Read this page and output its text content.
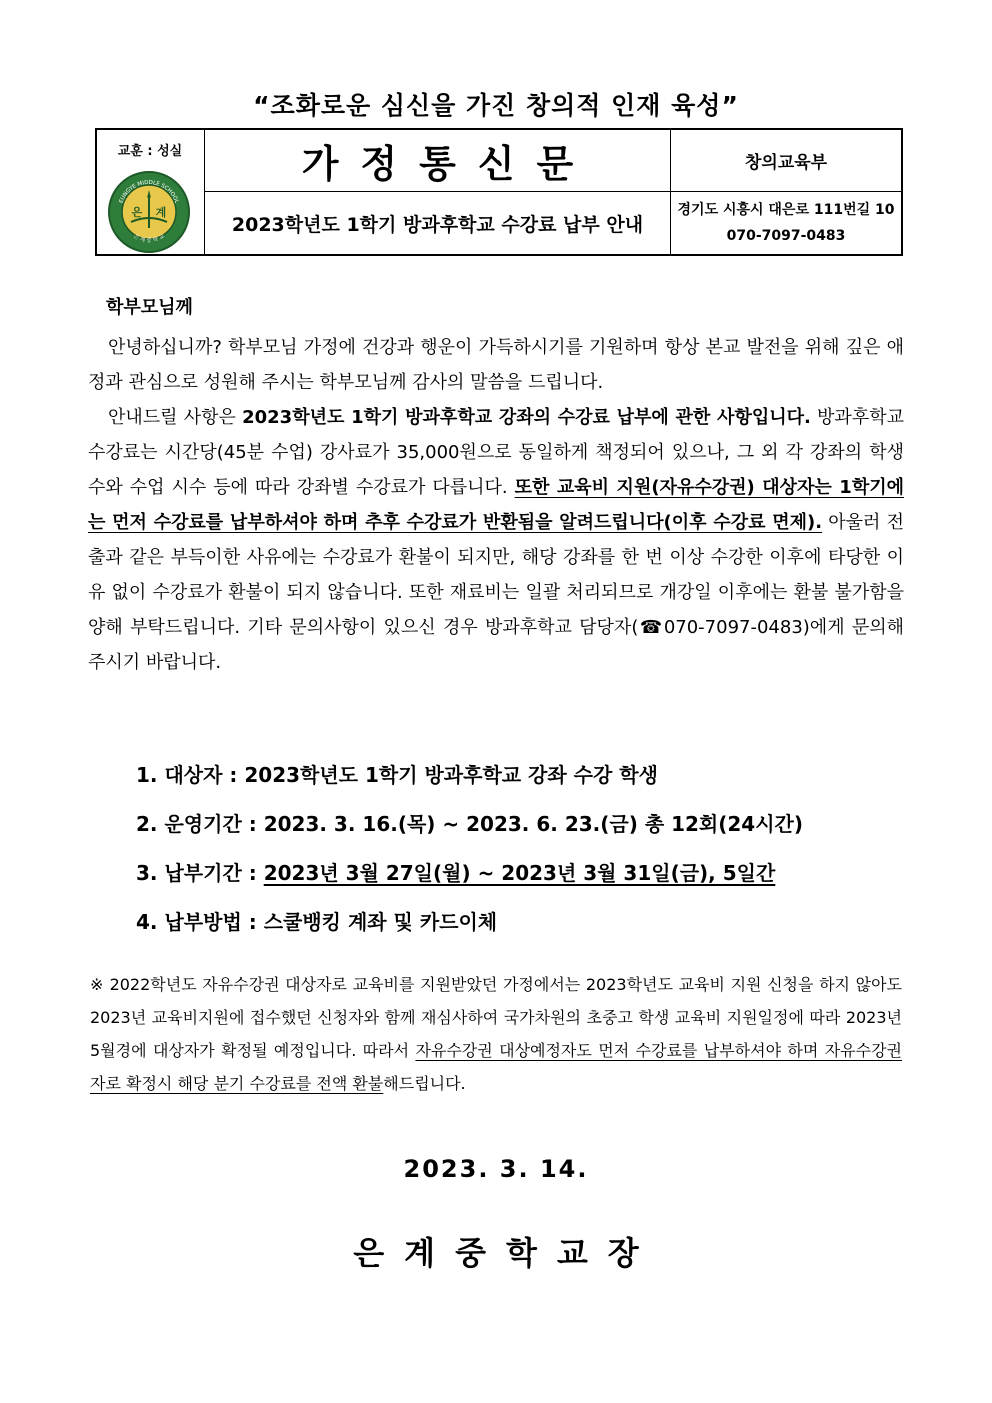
“조화로운 심신을 가진 창의적 인재 육성”
교훈 : 성실
은 계
EUNGYE MIDDLE SCHOOL
은 계 중 학 교
가정통신문	창의교육부
2023학년도 1학기 방과후학교 수강료 납부 안내
경기도 시흥시 대은로 111번길 10
070-7097-0483
학부모님께
안녕하십니까? 학부모님 가정에 건강과 행운이 가득하시기를 기원하며 항상 본교 발전을 위해 깊은 애정과 관심으로 성원해 주시는 학부모님께 감사의 말씀을 드립니다.
안내드릴 사항은 2023학년도 1학기 방과후학교 강좌의 수강료 납부에 관한 사항입니다. 방과후학교 수강료는 시간당(45분 수업) 강사료가 35,000원으로 동일하게 책정되어 있으나, 그 외 각 강좌의 학생 수와 수업 시수 등에 따라 강좌별 수강료가 다릅니다. 또한 교육비 지원(자유수강권) 대상자는 1학기에는 먼저 수강료를 납부하셔야 하며 추후 수강료가 반환됨을 알려드립니다(이후 수강료 면제). 아울러 전출과 같은 부득이한 사유에는 수강료가 환불이 되지만, 해당 강좌를 한 번 이상 수강한 이후에 타당한 이유 없이 수강료가 환불이 되지 않습니다. 또한 재료비는 일괄 처리되므로 개강일 이후에는 환불 불가함을 양해 부탁드립니다. 기타 문의사항이 있으신 경우 방과후학교 담당자(☎070-7097-0483)에게 문의해주시기 바랍니다.
1. 대상자 : 2023학년도 1학기 방과후학교 강좌 수강 학생
2. 운영기간 : 2023. 3. 16.(목) ~ 2023. 6. 23.(금) 총 12회(24시간)
3. 납부기간 : 2023년 3월 27일(월) ~ 2023년 3월 31일(금), 5일간
4. 납부방법 : 스쿨뱅킹 계좌 및 카드이체
※ 2022학년도 자유수강권 대상자로 교육비를 지원받았던 가정에서는 2023학년도 교육비 지원 신청을 하지 않아도 2023년 교육비지원에 접수했던 신청자와 함께 재심사하여 국가차원의 초중고 학생 교육비 지원일정에 따라 2023년 5월경에 대상자가 확정될 예정입니다. 따라서 자유수강권 대상예정자도 먼저 수강료를 납부하셔야 하며 자유수강권자로 확정시 해당 분기 수강료를 전액 환불해드립니다.
2023. 3. 14.
은계중학교장
